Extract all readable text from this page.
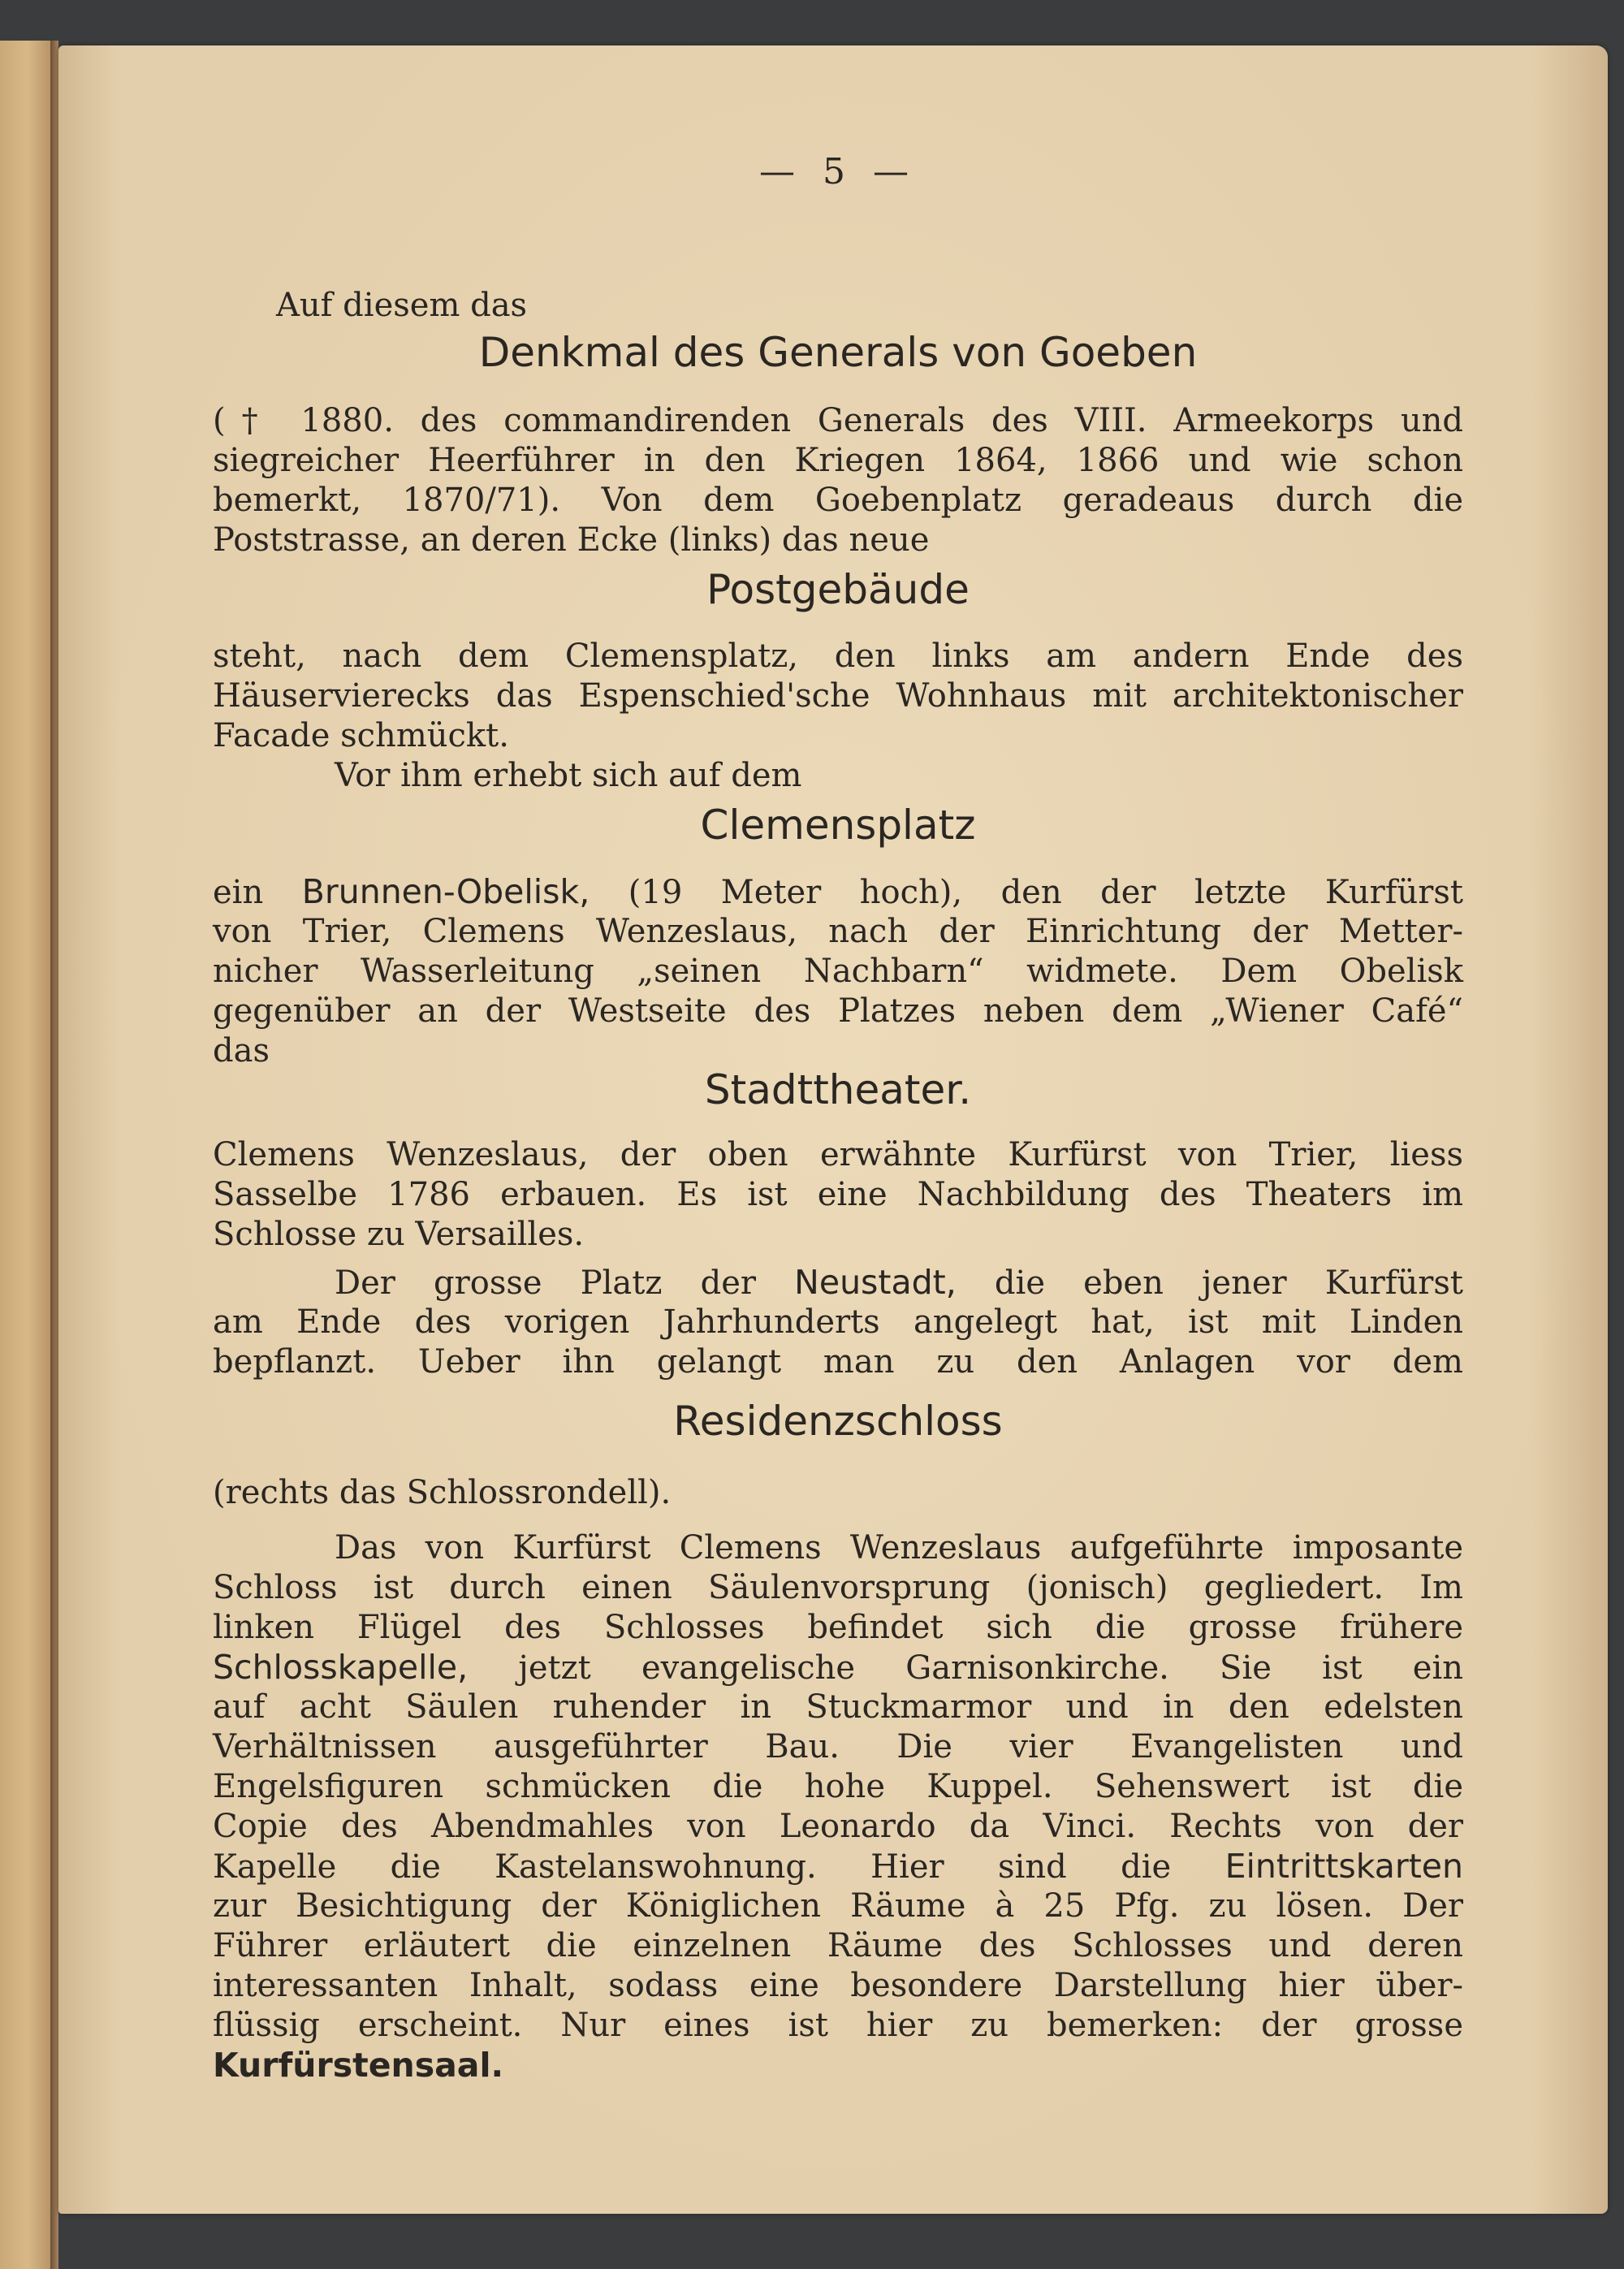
— 5 —
Auf diesem das
Denkmal des Generals von Goeben
(† 1880. des commandirenden Generals des VIII. Armeekorps und
siegreicher Heerführer in den Kriegen 1864, 1866 und wie schon
bemerkt, 1870/71). Von dem Goebenplatz geradeaus durch die
Poststrasse, an deren Ecke (links) das neue
Postgebäude
steht, nach dem Clemensplatz, den links am andern Ende des
Häuservierecks das Espenschied'sche Wohnhaus mit architektonischer
Facade schmückt.
Vor ihm erhebt sich auf dem
Clemensplatz
ein Brunnen-Obelisk, (19 Meter hoch), den der letzte Kurfürst
von Trier, Clemens Wenzeslaus, nach der Einrichtung der Metter-
nicher Wasserleitung „seinen Nachbarn“ widmete. Dem Obelisk
gegenüber an der Westseite des Platzes neben dem „Wiener Café“
das
Stadttheater.
Clemens Wenzeslaus, der oben erwähnte Kurfürst von Trier, liess
Sasselbe 1786 erbauen. Es ist eine Nachbildung des Theaters im
Schlosse zu Versailles.
Der grosse Platz der Neustadt, die eben jener Kurfürst
am Ende des vorigen Jahrhunderts angelegt hat, ist mit Linden
bepflanzt. Ueber ihn gelangt man zu den Anlagen vor dem
Residenzschloss
(rechts das Schlossrondell).
Das von Kurfürst Clemens Wenzeslaus aufgeführte imposante
Schloss ist durch einen Säulenvorsprung (jonisch) gegliedert. Im
linken Flügel des Schlosses befindet sich die grosse frühere
Schlosskapelle, jetzt evangelische Garnisonkirche. Sie ist ein
auf acht Säulen ruhender in Stuckmarmor und in den edelsten
Verhältnissen ausgeführter Bau. Die vier Evangelisten und
Engelsfiguren schmücken die hohe Kuppel. Sehenswert ist die
Copie des Abendmahles von Leonardo da Vinci. Rechts von der
Kapelle die Kastelanswohnung. Hier sind die Eintrittskarten
zur Besichtigung der Königlichen Räume à 25 Pfg. zu lösen. Der
Führer erläutert die einzelnen Räume des Schlosses und deren
interessanten Inhalt, sodass eine besondere Darstellung hier über-
flüssig erscheint. Nur eines ist hier zu bemerken: der grosse
Kurfürstensaal.
